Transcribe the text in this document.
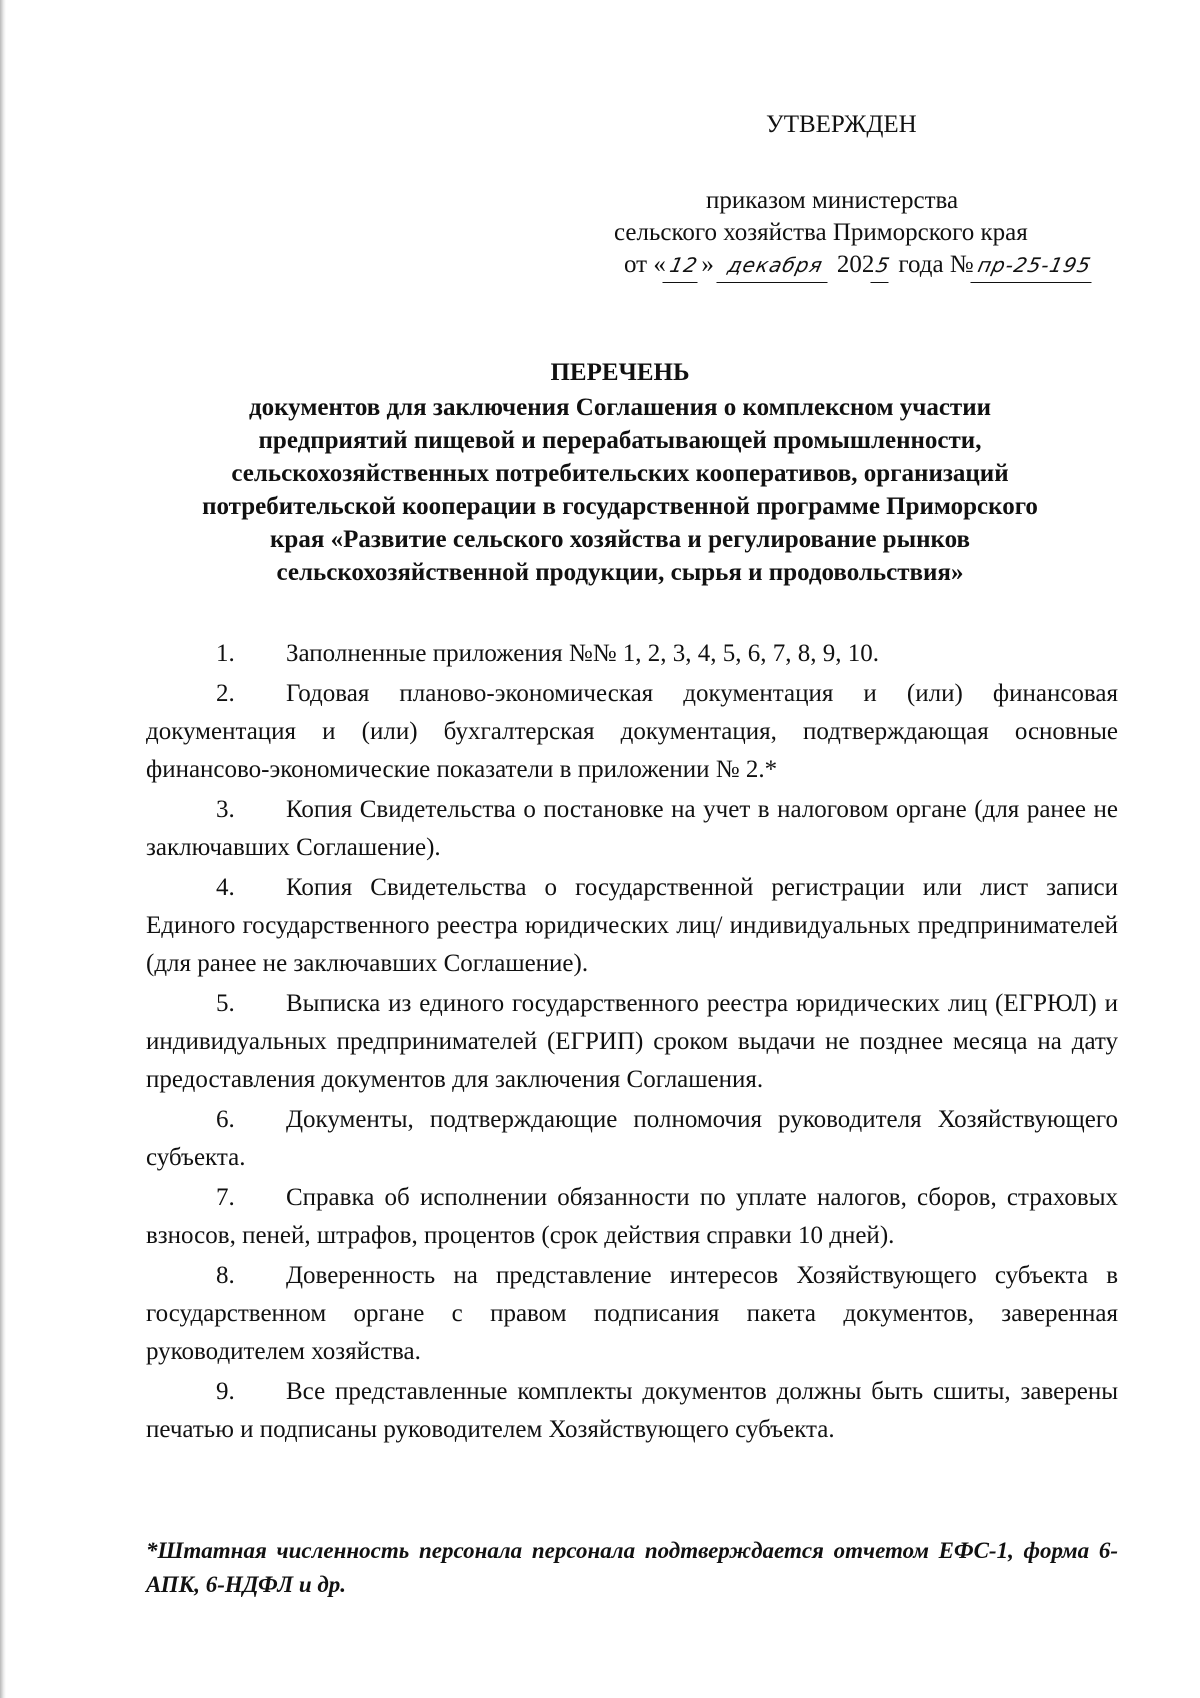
УТВЕРЖДЕН
приказом министерства
сельского хозяйства Приморского края
от «12» декабря 2025 года №пр-25-195
ПЕРЕЧЕНЬ
документов для заключения Соглашения о комплексном участии предприятий пищевой и перерабатывающей промышленности, сельскохозяйственных потребительских кооперативов, организаций потребительской кооперации в государственной программе Приморского края «Развитие сельского хозяйства и регулирование рынков сельскохозяйственной продукции, сырья и продовольствия»

1. Заполненные приложения №№ 1, 2, 3, 4, 5, 6, 7, 8, 9, 10.

2. Годовая планово-экономическая документация и (или) финансовая документация и (или) бухгалтерская документация, подтверждающая основные финансово-экономические показатели в приложении № 2.*

3. Копия Свидетельства о постановке на учет в налоговом органе (для ранее не заключавших Соглашение).

4. Копия Свидетельства о государственной регистрации или лист записи Единого государственного реестра юридических лиц/ индивидуальных предпринимателей (для ранее не заключавших Соглашение).

5. Выписка из единого государственного реестра юридических лиц (ЕГРЮЛ) и индивидуальных предпринимателей (ЕГРИП) сроком выдачи не позднее месяца на дату предоставления документов для заключения Соглашения.

6. Документы, подтверждающие полномочия руководителя Хозяйствующего субъекта.

7. Справка об исполнении обязанности по уплате налогов, сборов, страховых взносов, пеней, штрафов, процентов (срок действия справки 10 дней).

8. Доверенность на представление интересов Хозяйствующего субъекта в государственном органе с правом подписания пакета документов, заверенная руководителем хозяйства.

9. Все представленные комплекты документов должны быть сшиты, заверены печатью и подписаны руководителем Хозяйствующего субъекта.

*Штатная численность персонала персонала подтверждается отчетом ЕФС-1, форма 6-АПК, 6-НДФЛ и др.
